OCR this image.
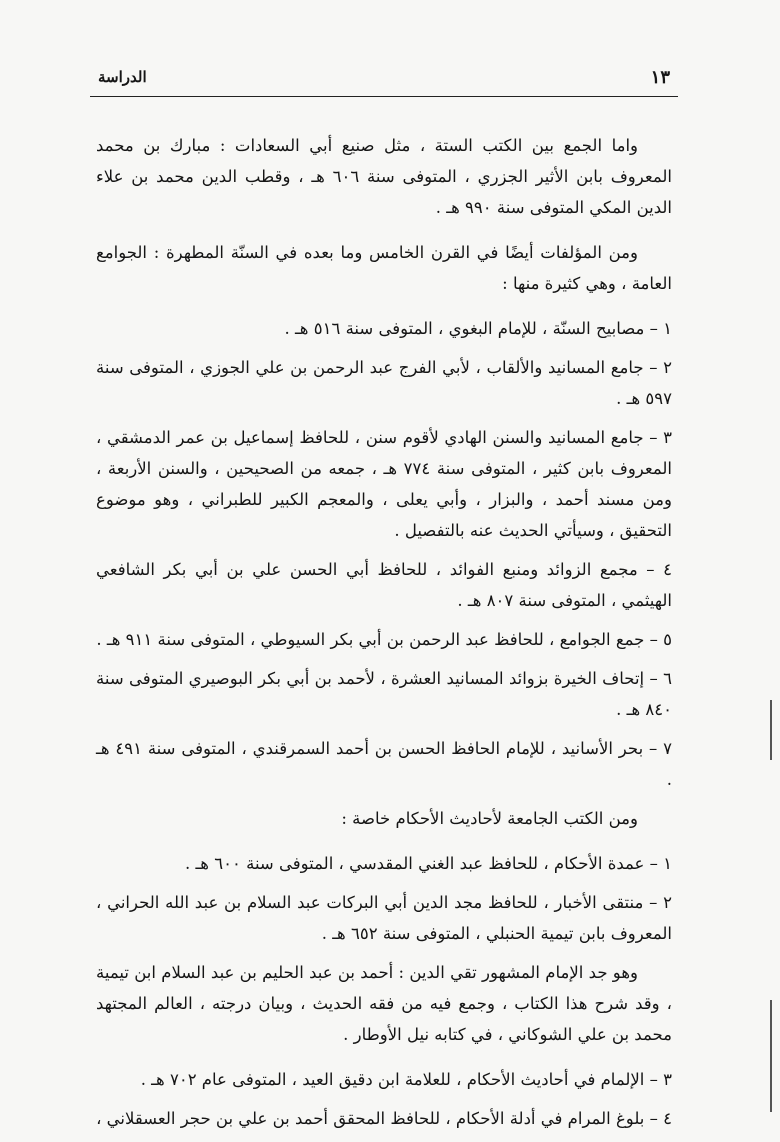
الدراسة	١٣

واما الجمع بين الكتب الستة ، مثل صنيع أبي السعادات : مبارك بن محمد المعروف بابن الأثير الجزري ، المتوفى سنة ٦٠٦ هـ ، وقطب الدين محمد بن علاء الدين المكي المتوفى سنة ٩٩٠ هـ .

ومن المؤلفات أيضًا في القرن الخامس وما بعده في السنّة المطهرة : الجوامع العامة ، وهي كثيرة منها :

١ – مصابيح السنّة ، للإمام البغوي ، المتوفى سنة ٥١٦ هـ .

٢ – جامع المسانيد والألقاب ، لأبي الفرج عبد الرحمن بن علي الجوزي ، المتوفى سنة ٥٩٧ هـ .

٣ – جامع المسانيد والسنن الهادي لأقوم سنن ، للحافظ إسماعيل بن عمر الدمشقي ، المعروف بابن كثير ، المتوفى سنة ٧٧٤ هـ ، جمعه من الصحيحين ، والسنن الأربعة ، ومن مسند أحمد ، والبزار ، وأبي يعلى ، والمعجم الكبير للطبراني ، وهو موضوع التحقيق ، وسيأتي الحديث عنه بالتفصيل .

٤ – مجمع الزوائد ومنبع الفوائد ، للحافظ أبي الحسن علي بن أبي بكر الشافعي الهيثمي ، المتوفى سنة ٨٠٧ هـ .

٥ – جمع الجوامع ، للحافظ عبد الرحمن بن أبي بكر السيوطي ، المتوفى سنة ٩١١ هـ .

٦ – إتحاف الخيرة بزوائد المسانيد العشرة ، لأحمد بن أبي بكر البوصيري المتوفى سنة ٨٤٠ هـ .

٧ – بحر الأسانيد ، للإمام الحافظ الحسن بن أحمد السمرقندي ، المتوفى سنة ٤٩١ هـ .

ومن الكتب الجامعة لأحاديث الأحكام خاصة :

١ – عمدة الأحكام ، للحافظ عبد الغني المقدسي ، المتوفى سنة ٦٠٠ هـ .

٢ – منتقى الأخبار ، للحافظ مجد الدين أبي البركات عبد السلام بن عبد الله الحراني ، المعروف بابن تيمية الحنبلي ، المتوفى سنة ٦٥٢ هـ .

وهو جد الإمام المشهور تقي الدين : أحمد بن عبد الحليم بن عبد السلام ابن تيمية ، وقد شرح هذا الكتاب ، وجمع فيه من فقه الحديث ، وبيان درجته ، العالم المجتهد محمد بن علي الشوكاني ، في كتابه نيل الأوطار .

٣ – الإلمام في أحاديث الأحكام ، للعلامة ابن دقيق العيد ، المتوفى عام ٧٠٢ هـ .

٤ – بلوغ المرام في أدلة الأحكام ، للحافظ المحقق أحمد بن علي بن حجر العسقلاني ،
